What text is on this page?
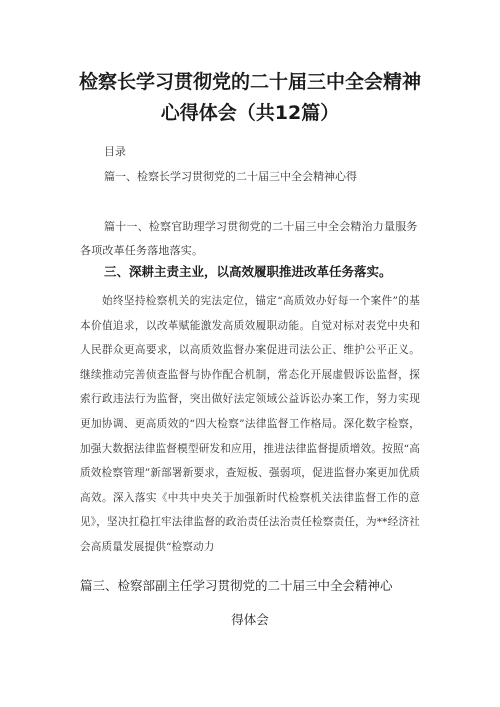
检察长学习贯彻党的二十届三中全会精神
心得体会（共12篇）
目录
篇一、检察长学习贯彻党的二十届三中全会精神心得
篇十一、检察官助理学习贯彻党的二十届三中全会精治力量服务各项改革任务落地落实。
三、深耕主责主业，以高效履职推进改革任务落实。

始终坚持检察机关的宪法定位，锚定“高质效办好每一个案件”的基本价值追求，以改革赋能激发高质效履职动能。自觉对标对表党中央和人民群众更高要求，以高质效监督办案促进司法公正、维护公平正义。继续推动完善侦查监督与协作配合机制，常态化开展虚假诉讼监督，探索行政违法行为监督，突出做好法定领域公益诉讼办案工作，努力实现更加协调、更高质效的“四大检察”法律监督工作格局。深化数字检察，加强大数据法律监督模型研发和应用，推进法律监督提质增效。按照“高质效检察管理”新部署新要求，查短板、强弱项，促进监督办案更加优质高效。深入落实《中共中央关于加强新时代检察机关法律监督工作的意见》，坚决扛稳扛牢法律监督的政治责任法治责任检察责任，为**经济社会高质量发展提供“检察动力

篇三、检察部副主任学习贯彻党的二十届三中全会精神心
得体会
